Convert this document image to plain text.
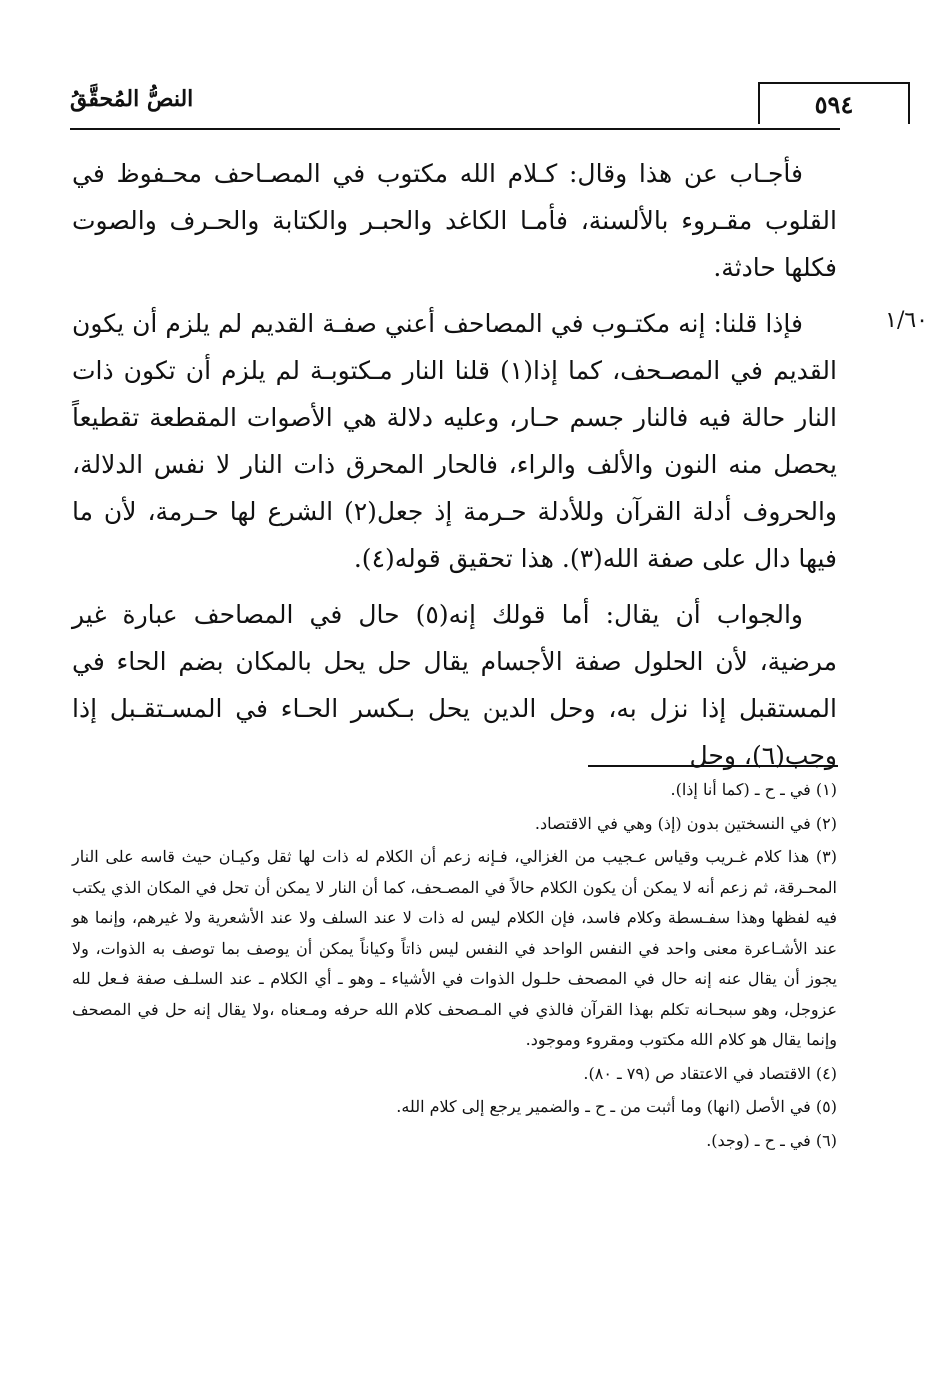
٥٩٤
النصُّ المُحقَّقُ
١/٦٠

فأجـاب عن هذا وقال: كـلام الله مكتوب في المصـاحف محـفوظ في القلوب مقـروء بالألسنة، فأمـا الكاغد والحبـر والكتابة والحـرف والصوت فكلها حادثة.

فإذا قلنا: إنه مكتـوب في المصاحف أعني صفـة القديم لم يلزم أن يكون القديم في المصـحف، كما إذا(١) قلنا النار مـكتوبـة لم يلزم أن تكون ذات النار حالة فيه فالنار جسم حـار، وعليه دلالة هي الأصوات المقطعة تقطيعاً يحصل منه النون والألف والراء، فالحار المحرق ذات النار لا نفس الدلالة، والحروف أدلة القرآن وللأدلة حـرمة إذ جعل(٢) الشرع لها حـرمة، لأن ما فيها دال على صفة الله(٣). هذا تحقيق قوله(٤).

والجواب أن يقال: أما قولك إنه(٥) حال في المصاحف عبارة غير مرضية، لأن الحلول صفة الأجسام يقال حل يحل بالمكان بضم الحاء في المستقبل إذا نزل به، وحل الدين يحل بـكسر الحـاء في المسـتقـبل إذا وجب(٦)، وحل

(١) في ـ ح ـ (كما أنا إذا).

(٢) في النسختين بدون (إذ) وهي في الاقتصاد.

(٣) هذا كلام غـريب وقياس عـجيب من الغزالي، فـإنه زعم أن الكلام له ذات لها ثقل وكيـان حيث قاسه على النار المحـرقة، ثم زعم أنه لا يمكن أن يكون الكلام حالاً في المصـحف، كما أن النار لا يمكن أن تحل في المكان الذي يكتب فيه لفظها وهذا سفـسطة وكلام فاسد، فإن الكلام ليس له ذات لا عند السلف ولا عند الأشعرية ولا غيرهم، وإنما هو عند الأشـاعرة معنى واحد في النفس الواحد في النفس ليس ذاتاً وكياناً يمكن أن يوصف بما توصف به الذوات، ولا يجوز أن يقال عنه إنه حال في المصحف حلـول الذوات في الأشياء ـ وهو ـ أي الكلام ـ عند السلـف صفة فـعل لله عزوجل، وهو سبحـانه تكلم بهذا القرآن فالذي في المـصحف كلام الله حرفه ومـعناه ،ولا يقال إنه حل في المصحف وإنما يقال هو كلام الله مكتوب ومقروء وموجود.

(٤) الاقتصاد في الاعتقاد ص (٧٩ ـ ٨٠).

(٥) في الأصل (انها) وما أثبت من ـ ح ـ والضمير يرجع إلى كلام الله.

(٦) في ـ ح ـ (وجد).
